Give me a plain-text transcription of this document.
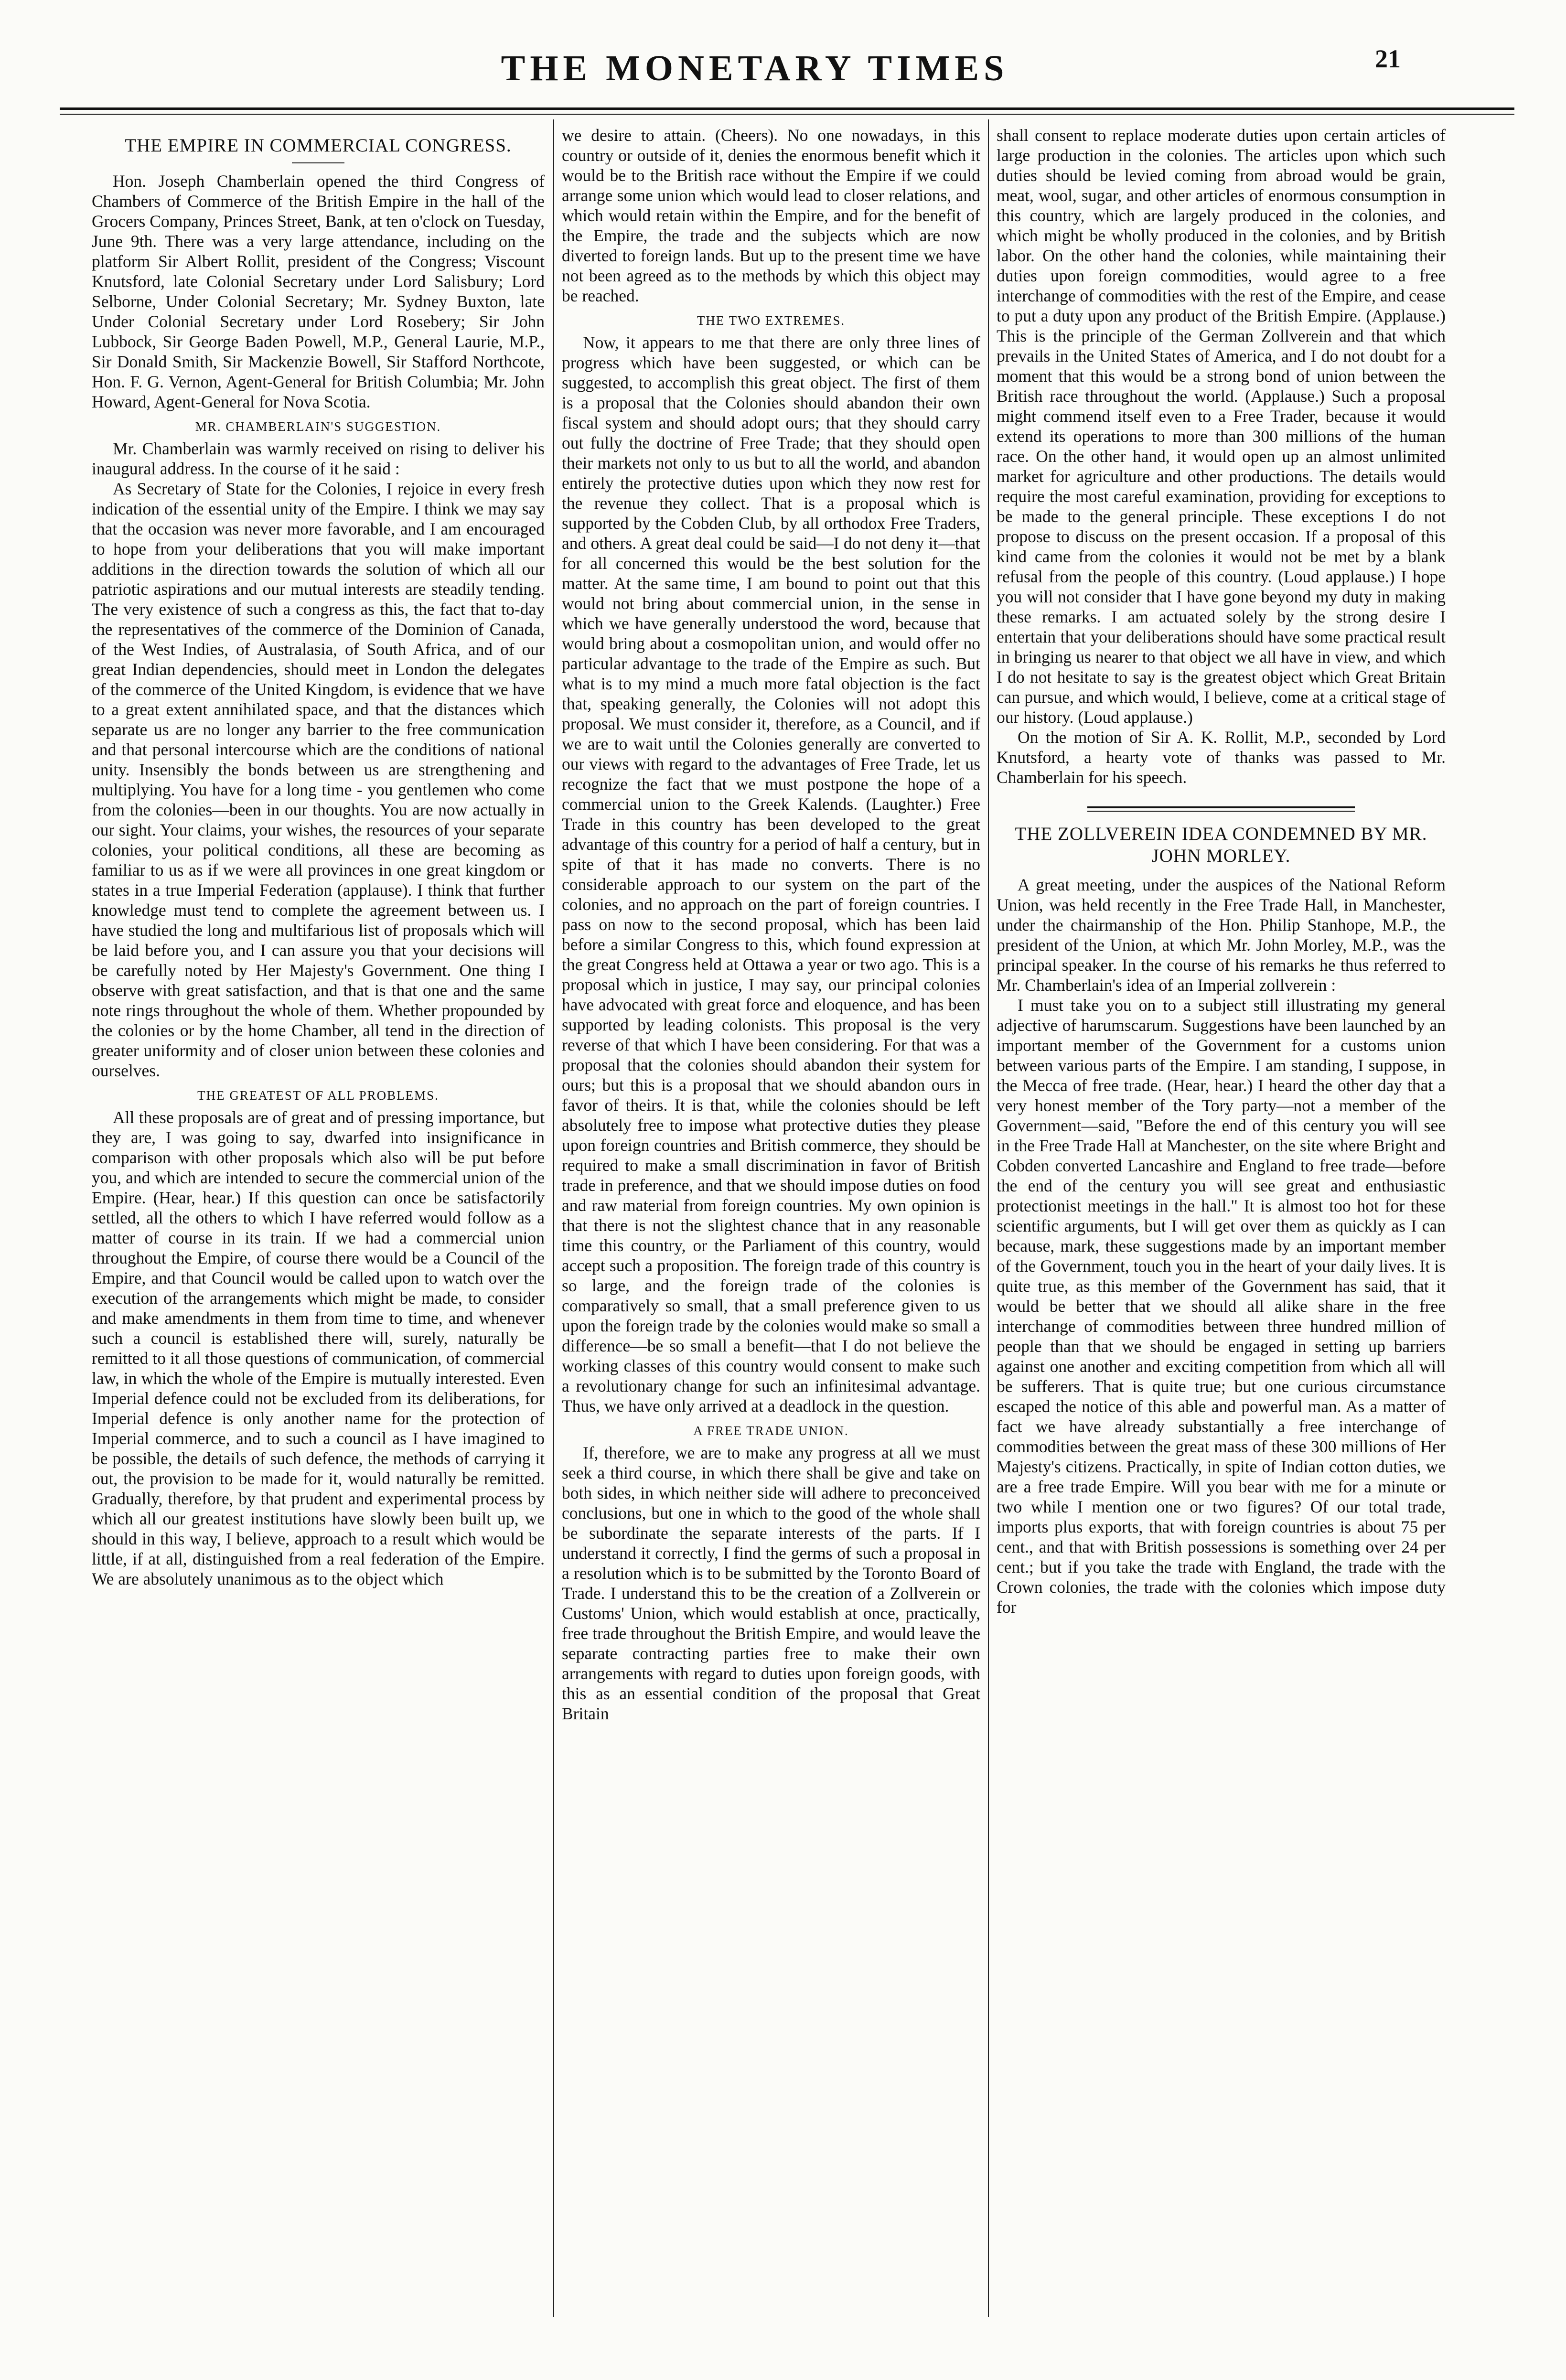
THE MONETARY TIMES	21
THE EMPIRE IN COMMERCIAL CONGRESS.

Hon. Joseph Chamberlain opened the third Congress of Chambers of Commerce of the British Empire in the hall of the Grocers Company, Princes Street, Bank, at ten o'clock on Tuesday, June 9th. There was a very large attendance, including on the platform Sir Albert Rollit, president of the Congress; Viscount Knutsford, late Colonial Secretary under Lord Salisbury; Lord Selborne, Under Colonial Secretary; Mr. Sydney Buxton, late Under Colonial Secretary under Lord Rosebery; Sir John Lubbock, Sir George Baden Powell, M.P., General Laurie, M.P., Sir Donald Smith, Sir Mackenzie Bowell, Sir Stafford Northcote, Hon. F. G. Vernon, Agent-General for British Columbia; Mr. John Howard, Agent-General for Nova Scotia.

MR. CHAMBERLAIN'S SUGGESTION.

Mr. Chamberlain was warmly received on rising to deliver his inaugural address. In the course of it he said :

As Secretary of State for the Colonies, I rejoice in every fresh indication of the essential unity of the Empire. I think we may say that the occasion was never more favorable, and I am encouraged to hope from your deliberations that you will make important additions in the direction towards the solution of which all our patriotic aspirations and our mutual interests are steadily tending. The very existence of such a congress as this, the fact that to-day the representatives of the commerce of the Dominion of Canada, of the West Indies, of Australasia, of South Africa, and of our great Indian dependencies, should meet in London the delegates of the commerce of the United Kingdom, is evidence that we have to a great extent annihilated space, and that the distances which separate us are no longer any barrier to the free communication and that personal intercourse which are the conditions of national unity. Insensibly the bonds between us are strengthening and multiplying. You have for a long time - you gentlemen who come from the colonies—been in our thoughts. You are now actually in our sight. Your claims, your wishes, the resources of your separate colonies, your political conditions, all these are becoming as familiar to us as if we were all provinces in one great kingdom or states in a true Imperial Federation (applause). I think that further knowledge must tend to complete the agreement between us. I have studied the long and multifarious list of proposals which will be laid before you, and I can assure you that your decisions will be carefully noted by Her Majesty's Government. One thing I observe with great satisfaction, and that is that one and the same note rings throughout the whole of them. Whether propounded by the colonies or by the home Chamber, all tend in the direction of greater uniformity and of closer union between these colonies and ourselves.

THE GREATEST OF ALL PROBLEMS.

All these proposals are of great and of pressing importance, but they are, I was going to say, dwarfed into insignificance in comparison with other proposals which also will be put before you, and which are intended to secure the commercial union of the Empire. (Hear, hear.) If this question can once be satisfactorily settled, all the others to which I have referred would follow as a matter of course in its train. If we had a commercial union throughout the Empire, of course there would be a Council of the Empire, and that Council would be called upon to watch over the execution of the arrangements which might be made, to consider and make amendments in them from time to time, and whenever such a council is established there will, surely, naturally be remitted to it all those questions of communication, of commercial law, in which the whole of the Empire is mutually interested. Even Imperial defence could not be excluded from its deliberations, for Imperial defence is only another name for the protection of Imperial commerce, and to such a council as I have imagined to be possible, the details of such defence, the methods of carrying it out, the provision to be made for it, would naturally be remitted. Gradually, therefore, by that prudent and experimental process by which all our greatest institutions have slowly been built up, we should in this way, I believe, approach to a result which would be little, if at all, distinguished from a real federation of the Empire. We are absolutely unanimous as to the object which

we desire to attain. (Cheers). No one nowadays, in this country or outside of it, denies the enormous benefit which it would be to the British race without the Empire if we could arrange some union which would lead to closer relations, and which would retain within the Empire, and for the benefit of the Empire, the trade and the subjects which are now diverted to foreign lands. But up to the present time we have not been agreed as to the methods by which this object may be reached.

THE TWO EXTREMES.

Now, it appears to me that there are only three lines of progress which have been suggested, or which can be suggested, to accomplish this great object. The first of them is a proposal that the Colonies should abandon their own fiscal system and should adopt ours; that they should carry out fully the doctrine of Free Trade; that they should open their markets not only to us but to all the world, and abandon entirely the protective duties upon which they now rest for the revenue they collect. That is a proposal which is supported by the Cobden Club, by all orthodox Free Traders, and others. A great deal could be said—I do not deny it—that for all concerned this would be the best solution for the matter. At the same time, I am bound to point out that this would not bring about commercial union, in the sense in which we have generally understood the word, because that would bring about a cosmopolitan union, and would offer no particular advantage to the trade of the Empire as such. But what is to my mind a much more fatal objection is the fact that, speaking generally, the Colonies will not adopt this proposal. We must consider it, therefore, as a Council, and if we are to wait until the Colonies generally are converted to our views with regard to the advantages of Free Trade, let us recognize the fact that we must postpone the hope of a commercial union to the Greek Kalends. (Laughter.) Free Trade in this country has been developed to the great advantage of this country for a period of half a century, but in spite of that it has made no converts. There is no considerable approach to our system on the part of the colonies, and no approach on the part of foreign countries. I pass on now to the second proposal, which has been laid before a similar Congress to this, which found expression at the great Congress held at Ottawa a year or two ago. This is a proposal which in justice, I may say, our principal colonies have advocated with great force and eloquence, and has been supported by leading colonists. This proposal is the very reverse of that which I have been considering. For that was a proposal that the colonies should abandon their system for ours; but this is a proposal that we should abandon ours in favor of theirs. It is that, while the colonies should be left absolutely free to impose what protective duties they please upon foreign countries and British commerce, they should be required to make a small discrimination in favor of British trade in preference, and that we should impose duties on food and raw material from foreign countries. My own opinion is that there is not the slightest chance that in any reasonable time this country, or the Parliament of this country, would accept such a proposition. The foreign trade of this country is so large, and the foreign trade of the colonies is comparatively so small, that a small preference given to us upon the foreign trade by the colonies would make so small a difference—be so small a benefit—that I do not believe the working classes of this country would consent to make such a revolutionary change for such an infinitesimal advantage. Thus, we have only arrived at a deadlock in the question.

A FREE TRADE UNION.

If, therefore, we are to make any progress at all we must seek a third course, in which there shall be give and take on both sides, in which neither side will adhere to preconceived conclusions, but one in which to the good of the whole shall be subordinate the separate interests of the parts. If I understand it correctly, I find the germs of such a proposal in a resolution which is to be submitted by the Toronto Board of Trade. I understand this to be the creation of a Zollverein or Customs' Union, which would establish at once, practically, free trade throughout the British Empire, and would leave the separate contracting parties free to make their own arrangements with regard to duties upon foreign goods, with this as an essential condition of the proposal that Great Britain

shall consent to replace moderate duties upon certain articles of large production in the colonies. The articles upon which such duties should be levied coming from abroad would be grain, meat, wool, sugar, and other articles of enormous consumption in this country, which are largely produced in the colonies, and which might be wholly produced in the colonies, and by British labor. On the other hand the colonies, while maintaining their duties upon foreign commodities, would agree to a free interchange of commodities with the rest of the Empire, and cease to put a duty upon any product of the British Empire. (Applause.) This is the principle of the German Zollverein and that which prevails in the United States of America, and I do not doubt for a moment that this would be a strong bond of union between the British race throughout the world. (Applause.) Such a proposal might commend itself even to a Free Trader, because it would extend its operations to more than 300 millions of the human race. On the other hand, it would open up an almost unlimited market for agriculture and other productions. The details would require the most careful examination, providing for exceptions to be made to the general principle. These exceptions I do not propose to discuss on the present occasion. If a proposal of this kind came from the colonies it would not be met by a blank refusal from the people of this country. (Loud applause.) I hope you will not consider that I have gone beyond my duty in making these remarks. I am actuated solely by the strong desire I entertain that your deliberations should have some practical result in bringing us nearer to that object we all have in view, and which I do not hesitate to say is the greatest object which Great Britain can pursue, and which would, I believe, come at a critical stage of our history. (Loud applause.)

On the motion of Sir A. K. Rollit, M.P., seconded by Lord Knutsford, a hearty vote of thanks was passed to Mr. Chamberlain for his speech.

THE ZOLLVEREIN IDEA CONDEMNED BY MR. JOHN MORLEY.

A great meeting, under the auspices of the National Reform Union, was held recently in the Free Trade Hall, in Manchester, under the chairmanship of the Hon. Philip Stanhope, M.P., the president of the Union, at which Mr. John Morley, M.P., was the principal speaker. In the course of his remarks he thus referred to Mr. Chamberlain's idea of an Imperial zollverein :

I must take you on to a subject still illustrating my general adjective of harumscarum. Suggestions have been launched by an important member of the Government for a customs union between various parts of the Empire. I am standing, I suppose, in the Mecca of free trade. (Hear, hear.) I heard the other day that a very honest member of the Tory party—not a member of the Government—said, "Before the end of this century you will see in the Free Trade Hall at Manchester, on the site where Bright and Cobden converted Lancashire and England to free trade—before the end of the century you will see great and enthusiastic protectionist meetings in the hall." It is almost too hot for these scientific arguments, but I will get over them as quickly as I can because, mark, these suggestions made by an important member of the Government, touch you in the heart of your daily lives. It is quite true, as this member of the Government has said, that it would be better that we should all alike share in the free interchange of commodities between three hundred million of people than that we should be engaged in setting up barriers against one another and exciting competition from which all will be sufferers. That is quite true; but one curious circumstance escaped the notice of this able and powerful man. As a matter of fact we have already substantially a free interchange of commodities between the great mass of these 300 millions of Her Majesty's citizens. Practically, in spite of Indian cotton duties, we are a free trade Empire. Will you bear with me for a minute or two while I mention one or two figures? Of our total trade, imports plus exports, that with foreign countries is about 75 per cent., and that with British possessions is something over 24 per cent.; but if you take the trade with England, the trade with the Crown colonies, the trade with the colonies which impose duty for
